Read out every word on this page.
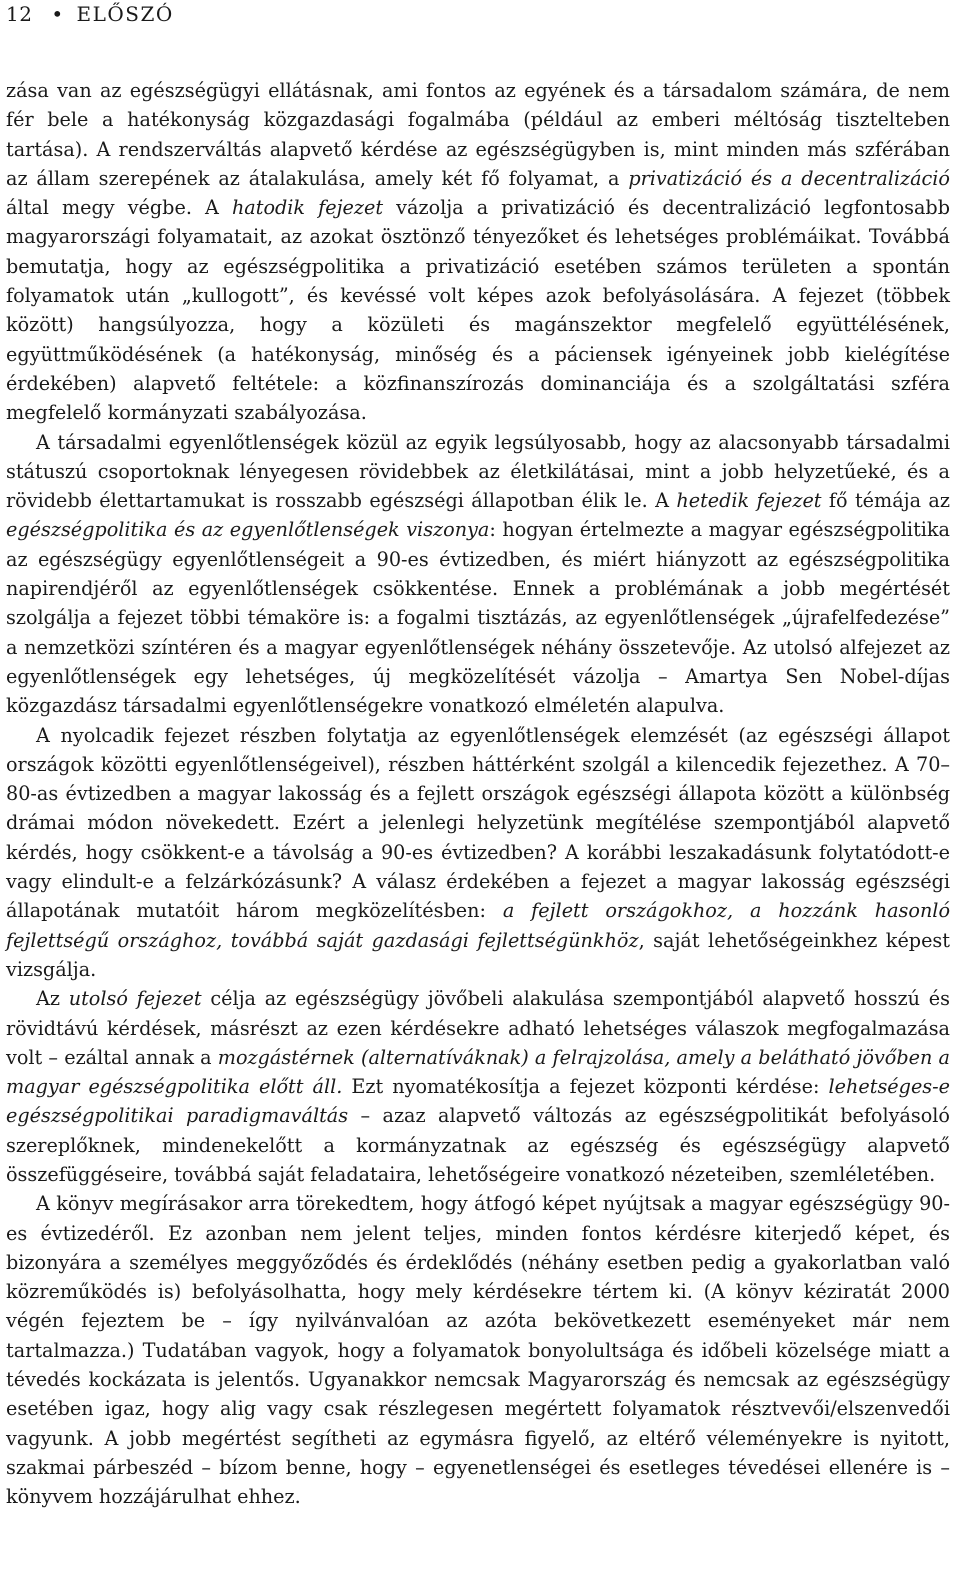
12 • ELŐSZÓ

zása van az egészségügyi ellátásnak, ami fontos az egyének és a társadalom számára, de nem fér bele a hatékonyság közgazdasági fogalmába (például az emberi méltóság tisztelteben tartása). A rendszerváltás alapvető kérdése az egészségügyben is, mint minden más szférában az állam szerepének az átalakulása, amely két fő folyamat, a privatizáció és a decentralizáció által megy végbe. A hatodik fejezet vázolja a privatizáció és decentralizáció legfontosabb magyarországi folyamatait, az azokat ösztönző tényezőket és lehetséges problémáikat. Továbbá bemutatja, hogy az egészségpolitika a privatizáció esetében számos területen a spontán folyamatok után „kullogott”, és kevéssé volt képes azok befolyásolására. A fejezet (többek között) hangsúlyozza, hogy a közületi és magánszektor megfelelő együttélésének, együttműködésének (a hatékonyság, minőség és a páciensek igényeinek jobb kielégítése érdekében) alapvető feltétele: a közfinanszírozás dominanciája és a szolgáltatási szféra megfelelő kormányzati szabályozása.

A társadalmi egyenlőtlenségek közül az egyik legsúlyosabb, hogy az alacsonyabb társadalmi státuszú csoportoknak lényegesen rövidebbek az életkilátásai, mint a jobb helyzetűeké, és a rövidebb élettartamukat is rosszabb egészségi állapotban élik le. A hetedik fejezet fő témája az egészségpolitika és az egyenlőtlenségek viszonya: hogyan értelmezte a magyar egészségpolitika az egészségügy egyenlőtlenségeit a 90-es évtizedben, és miért hiányzott az egészségpolitika napirendjéről az egyenlőtlenségek csökkentése. Ennek a problémának a jobb megértését szolgálja a fejezet többi témaköre is: a fogalmi tisztázás, az egyenlőtlenségek „újrafelfedezése” a nemzetközi színtéren és a magyar egyenlőtlenségek néhány összetevője. Az utolsó alfejezet az egyenlőtlenségek egy lehetséges, új megközelítését vázolja – Amartya Sen Nobel-díjas közgazdász társadalmi egyenlőtlenségekre vonatkozó elméletén alapulva.

A nyolcadik fejezet részben folytatja az egyenlőtlenségek elemzését (az egészségi állapot országok közötti egyenlőtlenségeivel), részben háttérként szolgál a kilencedik fejezethez. A 70–80-as évtizedben a magyar lakosság és a fejlett országok egészségi állapota között a különbség drámai módon növekedett. Ezért a jelenlegi helyzetünk megítélése szempontjából alapvető kérdés, hogy csökkent-e a távolság a 90-es évtizedben? A korábbi leszakadásunk folytatódott-e vagy elindult-e a felzárkózásunk? A válasz érdekében a fejezet a magyar lakosság egészségi állapotának mutatóit három megközelítésben: a fejlett országokhoz, a hozzánk hasonló fejlettségű országhoz, továbbá saját gazdasági fejlettségünkhöz, saját lehetőségeinkhez képest vizsgálja.

Az utolsó fejezet célja az egészségügy jövőbeli alakulása szempontjából alapvető hosszú és rövidtávú kérdések, másrészt az ezen kérdésekre adható lehetséges válaszok megfogalmazása volt – ezáltal annak a mozgástérnek (alternatíváknak) a felrajzolása, amely a belátható jövőben a magyar egészségpolitika előtt áll. Ezt nyomatékosítja a fejezet központi kérdése: lehetséges-e egészségpolitikai paradigmaváltás – azaz alapvető változás az egészségpolitikát befolyásoló szereplőknek, mindenekelőtt a kormányzatnak az egészség és egészségügy alapvető összefüggéseire, továbbá saját feladataira, lehetőségeire vonatkozó nézeteiben, szemléletében.

A könyv megírásakor arra törekedtem, hogy átfogó képet nyújtsak a magyar egészségügy 90-es évtizedéről. Ez azonban nem jelent teljes, minden fontos kérdésre kiterjedő képet, és bizonyára a személyes meggyőződés és érdeklődés (néhány esetben pedig a gyakorlatban való közreműködés is) befolyásolhatta, hogy mely kérdésekre tértem ki. (A könyv kéziratát 2000 végén fejeztem be – így nyilvánvalóan az azóta bekövetkezett eseményeket már nem tartalmazza.) Tudatában vagyok, hogy a folyamatok bonyolultsága és időbeli közelsége miatt a tévedés kockázata is jelentős. Ugyanakkor nemcsak Magyarország és nemcsak az egészségügy esetében igaz, hogy alig vagy csak részlegesen megértett folyamatok résztvevői/elszenvedői vagyunk. A jobb megértést segítheti az egymásra figyelő, az eltérő véleményekre is nyitott, szakmai párbeszéd – bízom benne, hogy – egyenetlenségei és esetleges tévedései ellenére is – könyvem hozzájárulhat ehhez.
